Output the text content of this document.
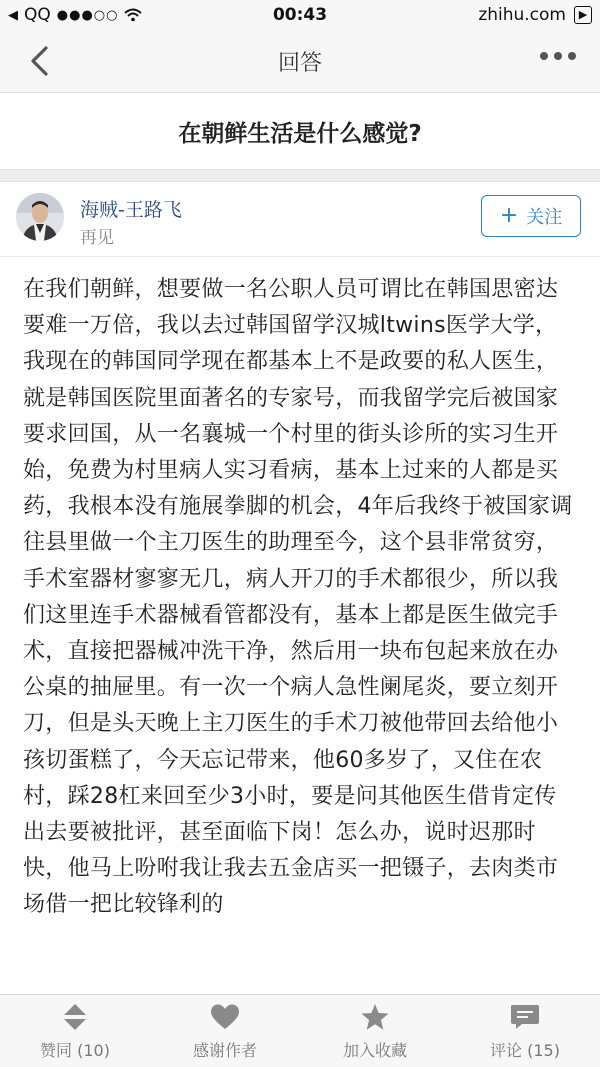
◀ QQ ●●●○○	00:43	zhihu.com	▶
回答
在朝鲜生活是什么感觉?
海贼-王路飞
再见
+ 关注

在我们朝鲜，想要做一名公职人员可谓比在韩国思密达要难一万倍，我以去过韩国留学汉城ltwins医学大学，我现在的韩国同学现在都基本上不是政要的私人医生，就是韩国医院里面著名的专家号，而我留学完后被国家要求回国，从一名襄城一个村里的街头诊所的实习生开始，免费为村里病人实习看病，基本上过来的人都是买药，我根本没有施展拳脚的机会，4年后我终于被国家调往县里做一个主刀医生的助理至今，这个县非常贫穷，手术室器材寥寥无几，病人开刀的手术都很少，所以我们这里连手术器械看管都没有，基本上都是医生做完手术，直接把器械冲洗干净，然后用一块布包起来放在办公桌的抽屉里。有一次一个病人急性阑尾炎，要立刻开刀，但是头天晚上主刀医生的手术刀被他带回去给他小孩切蛋糕了，今天忘记带来，他60多岁了，又住在农村，踩28杠来回至少3小时，要是问其他医生借肯定传出去要被批评，甚至面临下岗！怎么办，说时迟那时快，他马上吩咐我让我去五金店买一把镊子，去肉类市场借一把比较锋利的

赞同 (10)	感谢作者	加入收藏	评论 (15)
